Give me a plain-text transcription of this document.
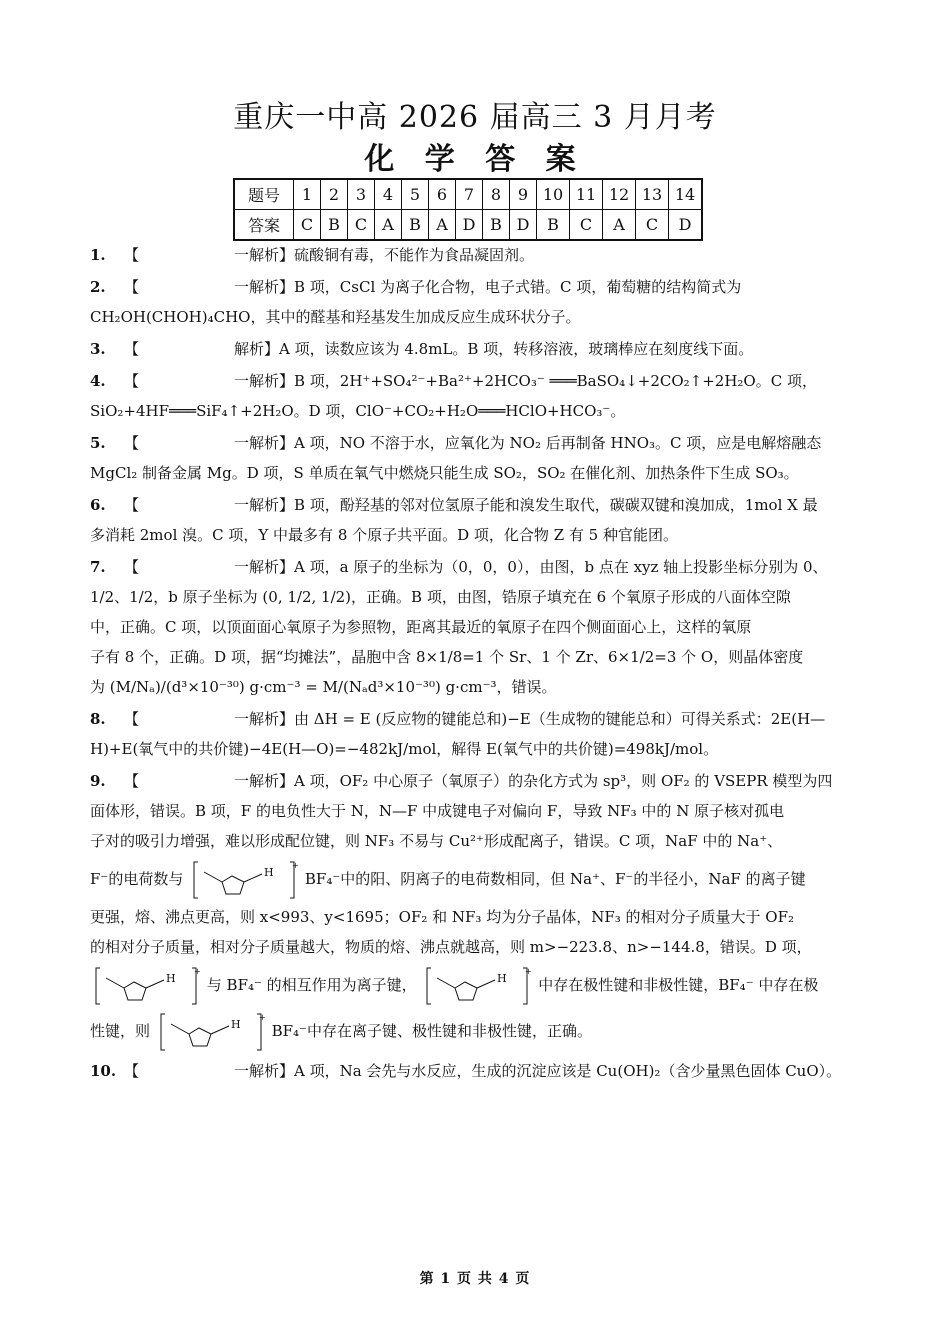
重庆一中高 2026 届高三 3 月月考
化 学 答 案
题号	1	2	3	4	5	6	7	8	9	10	11	12	13	14
答案	C	B	C	A	B	A	D	B	D	B	C	A	C	D
1. 【	一解析】硫酸铜有毒，不能作为食品凝固剂。
2. 【	一解析】B 项，CsCl 为离子化合物，电子式错。C 项，葡萄糖的结构简式为
CH₂OH(CHOH)₄CHO，其中的醛基和羟基发生加成反应生成环状分子。
3. 【	解析】A 项，读数应该为 4.8mL。B 项，转移溶液，玻璃棒应在刻度线下面。
4. 【	一解析】B 项，2H⁺+SO₄²⁻+Ba²⁺+2HCO₃⁻ ═══BaSO₄↓+2CO₂↑+2H₂O。C 项，
SiO₂+4HF═══SiF₄↑+2H₂O。D 项，ClO⁻+CO₂+H₂O═══HClO+HCO₃⁻。
5. 【	一解析】A 项，NO 不溶于水，应氧化为 NO₂ 后再制备 HNO₃。C 项，应是电解熔融态
MgCl₂ 制备金属 Mg。D 项，S 单质在氧气中燃烧只能生成 SO₂，SO₂ 在催化剂、加热条件下生成 SO₃。
6. 【	一解析】B 项，酚羟基的邻对位氢原子能和溴发生取代，碳碳双键和溴加成，1mol X 最
多消耗 2mol 溴。C 项，Y 中最多有 8 个原子共平面。D 项，化合物 Z 有 5 种官能团。
7. 【	一解析】A 项，a 原子的坐标为（0，0，0），由图，b 点在 xyz 轴上投影坐标分别为 0、
1/2、1/2，b 原子坐标为 (0, 1/2, 1/2)，正确。B 项，由图，锆原子填充在 6 个氧原子形成的八面体空隙
中，正确。C 项，以顶面面心氧原子为参照物，距离其最近的氧原子在四个侧面面心上，这样的氧原
子有 8 个，正确。D 项，据“均摊法”，晶胞中含 8×1/8=1 个 Sr、1 个 Zr、6×1/2=3 个 O，则晶体密度
为 (M/Nₐ)/(d³×10⁻³⁰) g·cm⁻³ = M/(Nₐd³×10⁻³⁰) g·cm⁻³，错误。
8. 【	一解析】由 ΔH = E (反应物的键能总和)−E（生成物的键能总和）可得关系式：2E(H—
H)+E(氧气中的共价键)−4E(H—O)=−482kJ/mol，解得 E(氧气中的共价键)=498kJ/mol。
9. 【	一解析】A 项，OF₂ 中心原子（氧原子）的杂化方式为 sp³，则 OF₂ 的 VSEPR 模型为四
面体形，错误。B 项，F 的电负性大于 N，N—F 中成键电子对偏向 F，导致 NF₃ 中的 N 原子核对孤电
子对的吸引力增强，难以形成配位键，则 NF₃ 不易与 Cu²⁺形成配离子，错误。C 项，NaF 中的 Na⁺、
F⁻的电荷数与	H
+
BF₄⁻中的阳、阴离子的电荷数相同，但 Na⁺、F⁻的半径小，NaF 的离子键
更强，熔、沸点更高，则 x<993、y<1695；OF₂ 和 NF₃ 均为分子晶体，NF₃ 的相对分子质量大于 OF₂
的相对分子质量，相对分子质量越大，物质的熔、沸点就越高，则 m>−223.8、n>−144.8，错误。D 项，
H
+
与 BF₄⁻ 的相互作用为离子键，	H
+
中存在极性键和非极性键，BF₄⁻ 中存在极
性键，则	H
+
BF₄⁻中存在离子键、极性键和非极性键，正确。
10. 【	一解析】A 项，Na 会先与水反应，生成的沉淀应该是 Cu(OH)₂（含少量黑色固体 CuO）。
第 1 页 共 4 页
